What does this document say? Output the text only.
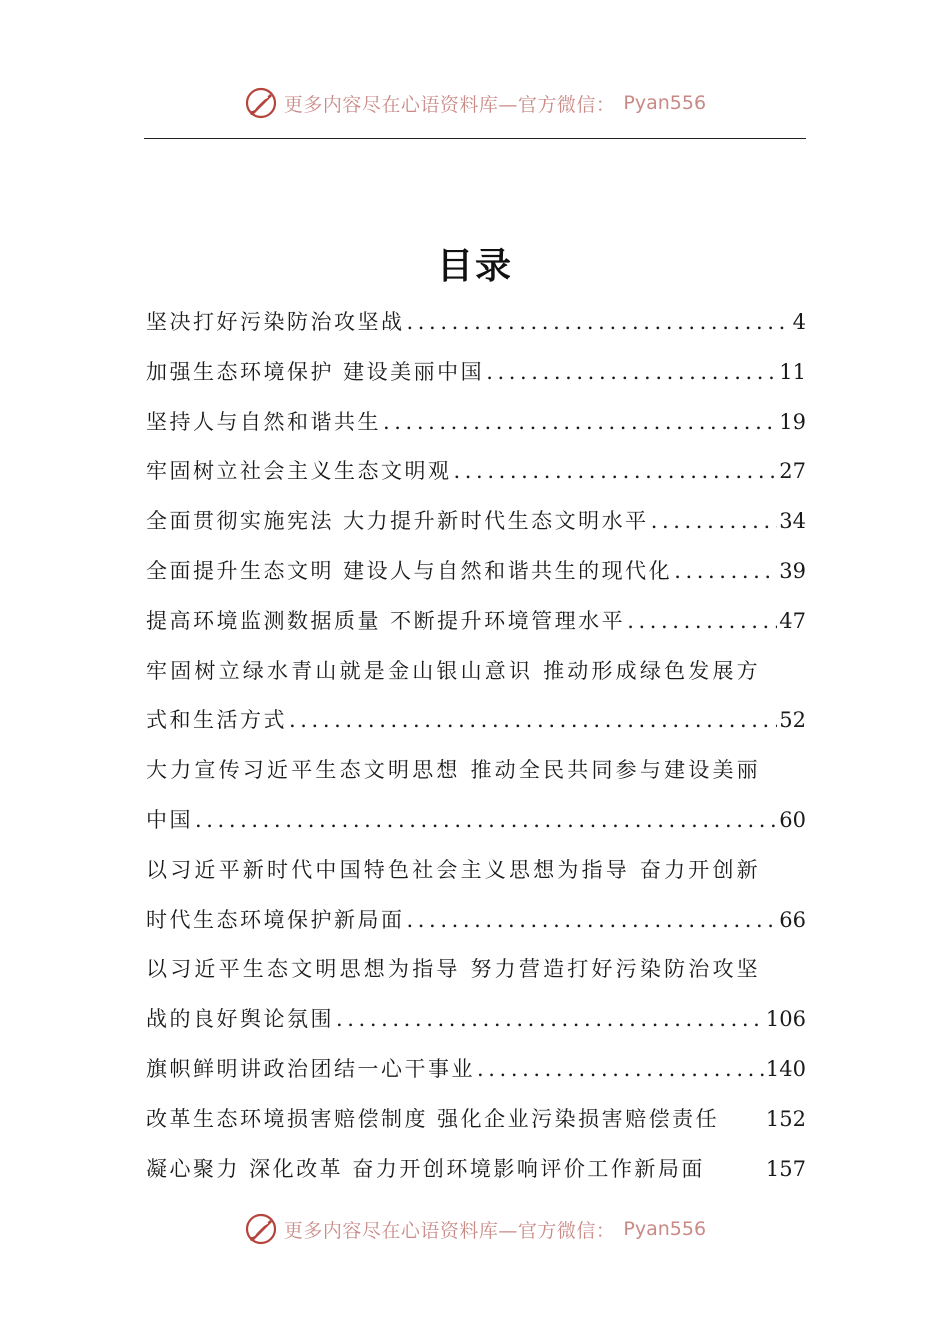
更多内容尽在心语资料库—官方微信： Pyan556
目录
坚决打好污染防治攻坚战 .....	4
加强生态环境保护 建设美丽中国 .....	11
坚持人与自然和谐共生 .....	19
牢固树立社会主义生态文明观 .....	27
全面贯彻实施宪法 大力提升新时代生态文明水平 .....	34
全面提升生态文明 建设人与自然和谐共生的现代化 .....	39
提高环境监测数据质量 不断提升环境管理水平 .....	47
牢固树立绿水青山就是金山银山意识 推动形成绿色发展方
式和生活方式 .....	52
大力宣传习近平生态文明思想 推动全民共同参与建设美丽
中国 .....	60
以习近平新时代中国特色社会主义思想为指导 奋力开创新
时代生态环境保护新局面 .....	66
以习近平生态文明思想为指导 努力营造打好污染防治攻坚
战的良好舆论氛围 .....	106
旗帜鲜明讲政治团结一心干事业 .....	140
改革生态环境损害赔偿制度 强化企业污染损害赔偿责任 152
凝心聚力 深化改革 奋力开创环境影响评价工作新局面	157
更多内容尽在心语资料库—官方微信： Pyan556
